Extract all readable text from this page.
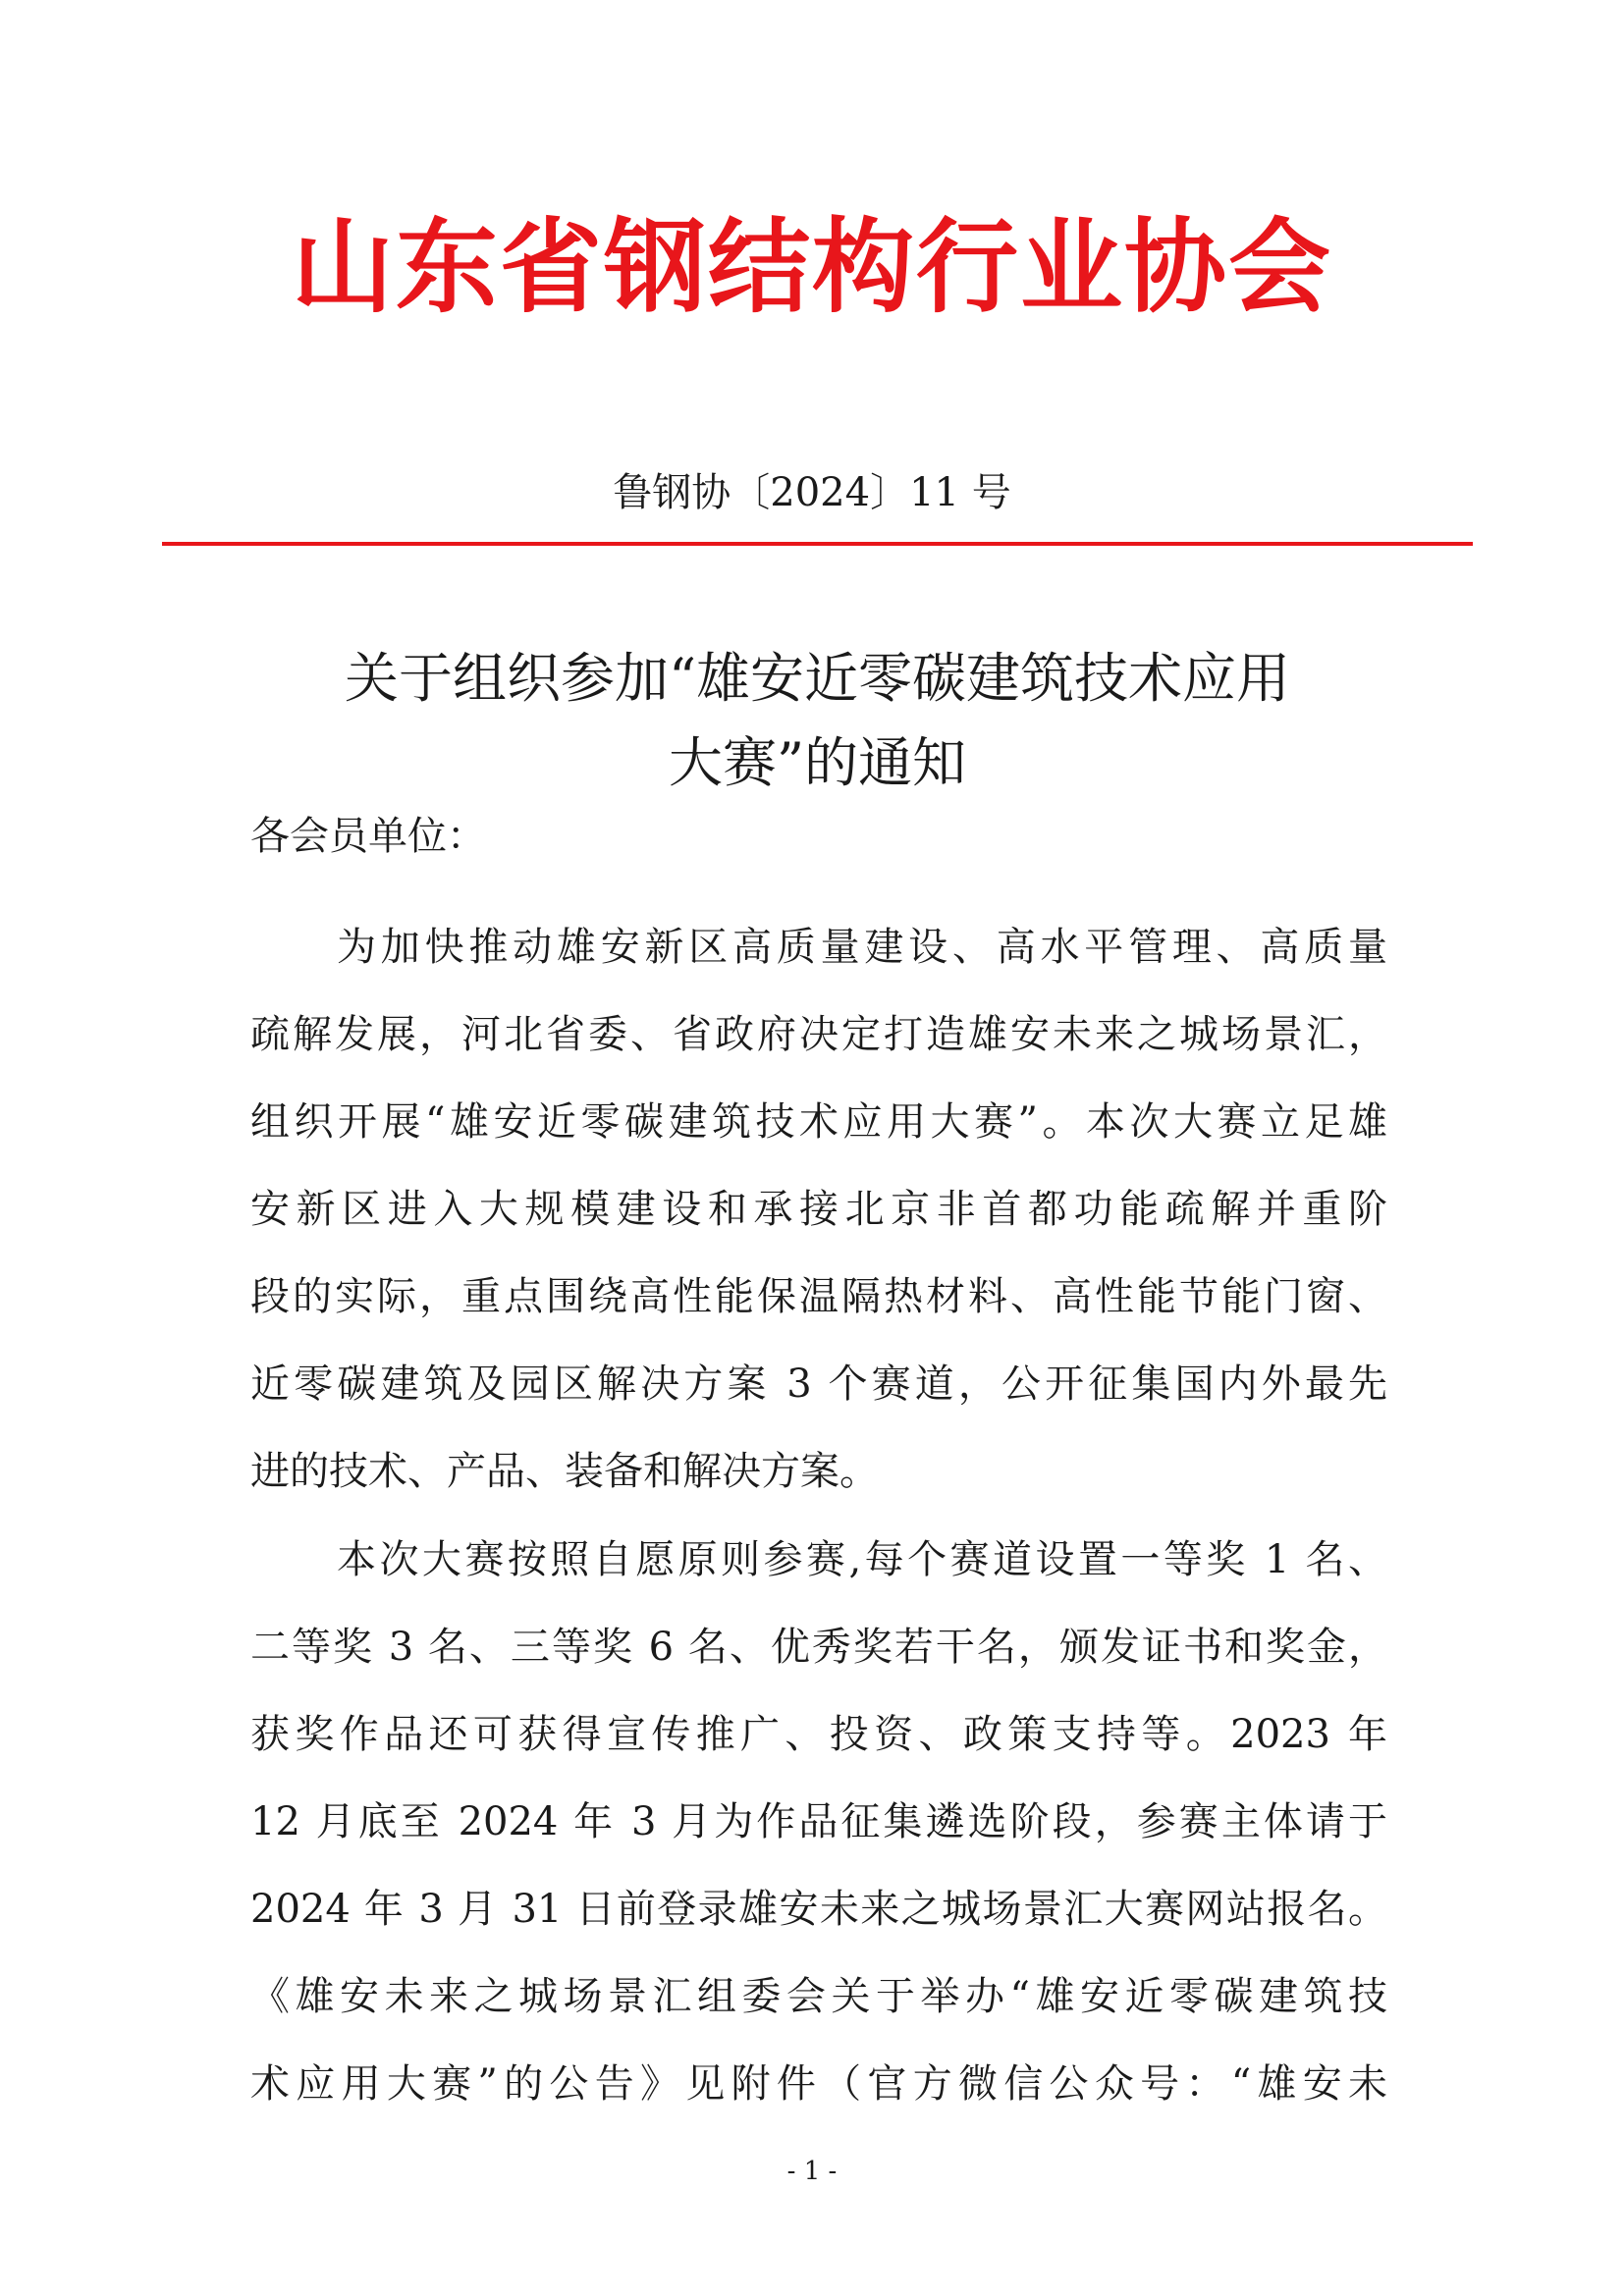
山东省钢结构行业协会
鲁钢协〔2024〕11 号
关于组织参加“雄安近零碳建筑技术应用
大赛”的通知
各会员单位：
为加快推动雄安新区高质量建设、高水平管理、高质量
疏解发展，河北省委、省政府决定打造雄安未来之城场景汇，
组织开展“雄安近零碳建筑技术应用大赛”。本次大赛立足雄
安新区进入大规模建设和承接北京非首都功能疏解并重阶
段的实际，重点围绕高性能保温隔热材料、高性能节能门窗、
近零碳建筑及园区解决方案 3 个赛道，公开征集国内外最先
进的技术、产品、装备和解决方案。
本次大赛按照自愿原则参赛,每个赛道设置一等奖 1 名、
二等奖 3 名、三等奖 6 名、优秀奖若干名，颁发证书和奖金，
获奖作品还可获得宣传推广、投资、政策支持等。2023 年
12 月底至 2024 年 3 月为作品征集遴选阶段，参赛主体请于
2024 年 3 月 31 日前登录雄安未来之城场景汇大赛网站报名。
《雄安未来之城场景汇组委会关于举办“雄安近零碳建筑技
术应用大赛”的公告》见附件（官方微信公众号：“雄安未
- 1 -
